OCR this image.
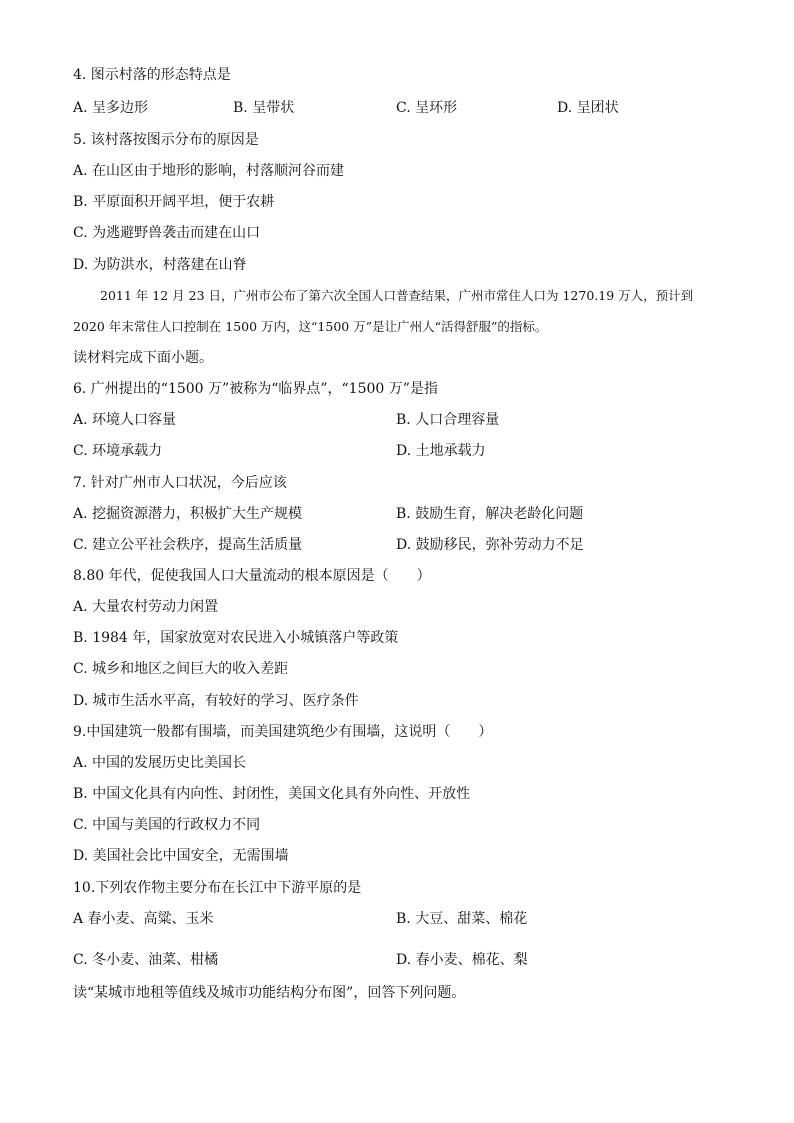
4. 图示村落的形态特点是
A. 呈多边形	B. 呈带状	C. 呈环形	D. 呈团状
5. 该村落按图示分布的原因是
A. 在山区由于地形的影响，村落顺河谷而建
B. 平原面积开阔平坦，便于农耕
C. 为逃避野兽袭击而建在山口
D. 为防洪水，村落建在山脊
2011 年 12 月 23 日，广州市公布了第六次全国人口普查结果，广州市常住人口为 1270.19 万人，预计到
2020 年末常住人口控制在 1500 万内，这“1500 万”是让广州人“活得舒服”的指标。
读材料完成下面小题。
6. 广州提出的“1500 万”被称为“临界点”，“1500 万”是指
A. 环境人口容量	B. 人口合理容量
C. 环境承载力	D. 土地承载力
7. 针对广州市人口状况，今后应该
A. 挖掘资源潜力，积极扩大生产规模	B. 鼓励生育，解决老龄化问题
C. 建立公平社会秩序，提高生活质量	D. 鼓励移民，弥补劳动力不足
8.80 年代，促使我国人口大量流动的根本原因是（　　）
A. 大量农村劳动力闲置
B. 1984 年，国家放宽对农民进入小城镇落户等政策
C. 城乡和地区之间巨大的收入差距
D. 城市生活水平高，有较好的学习、医疗条件
9.中国建筑一般都有围墙，而美国建筑绝少有围墙，这说明（　　）
A. 中国的发展历史比美国长
B. 中国文化具有内向性、封闭性，美国文化具有外向性、开放性
C. 中国与美国的行政权力不同
D. 美国社会比中国安全，无需围墙
10.下列农作物主要分布在长江中下游平原的是
A 春小麦、高粱、玉米	B. 大豆、甜菜、棉花
C. 冬小麦、油菜、柑橘	D. 春小麦、棉花、梨
读“某城市地租等值线及城市功能结构分布图”，回答下列问题。
